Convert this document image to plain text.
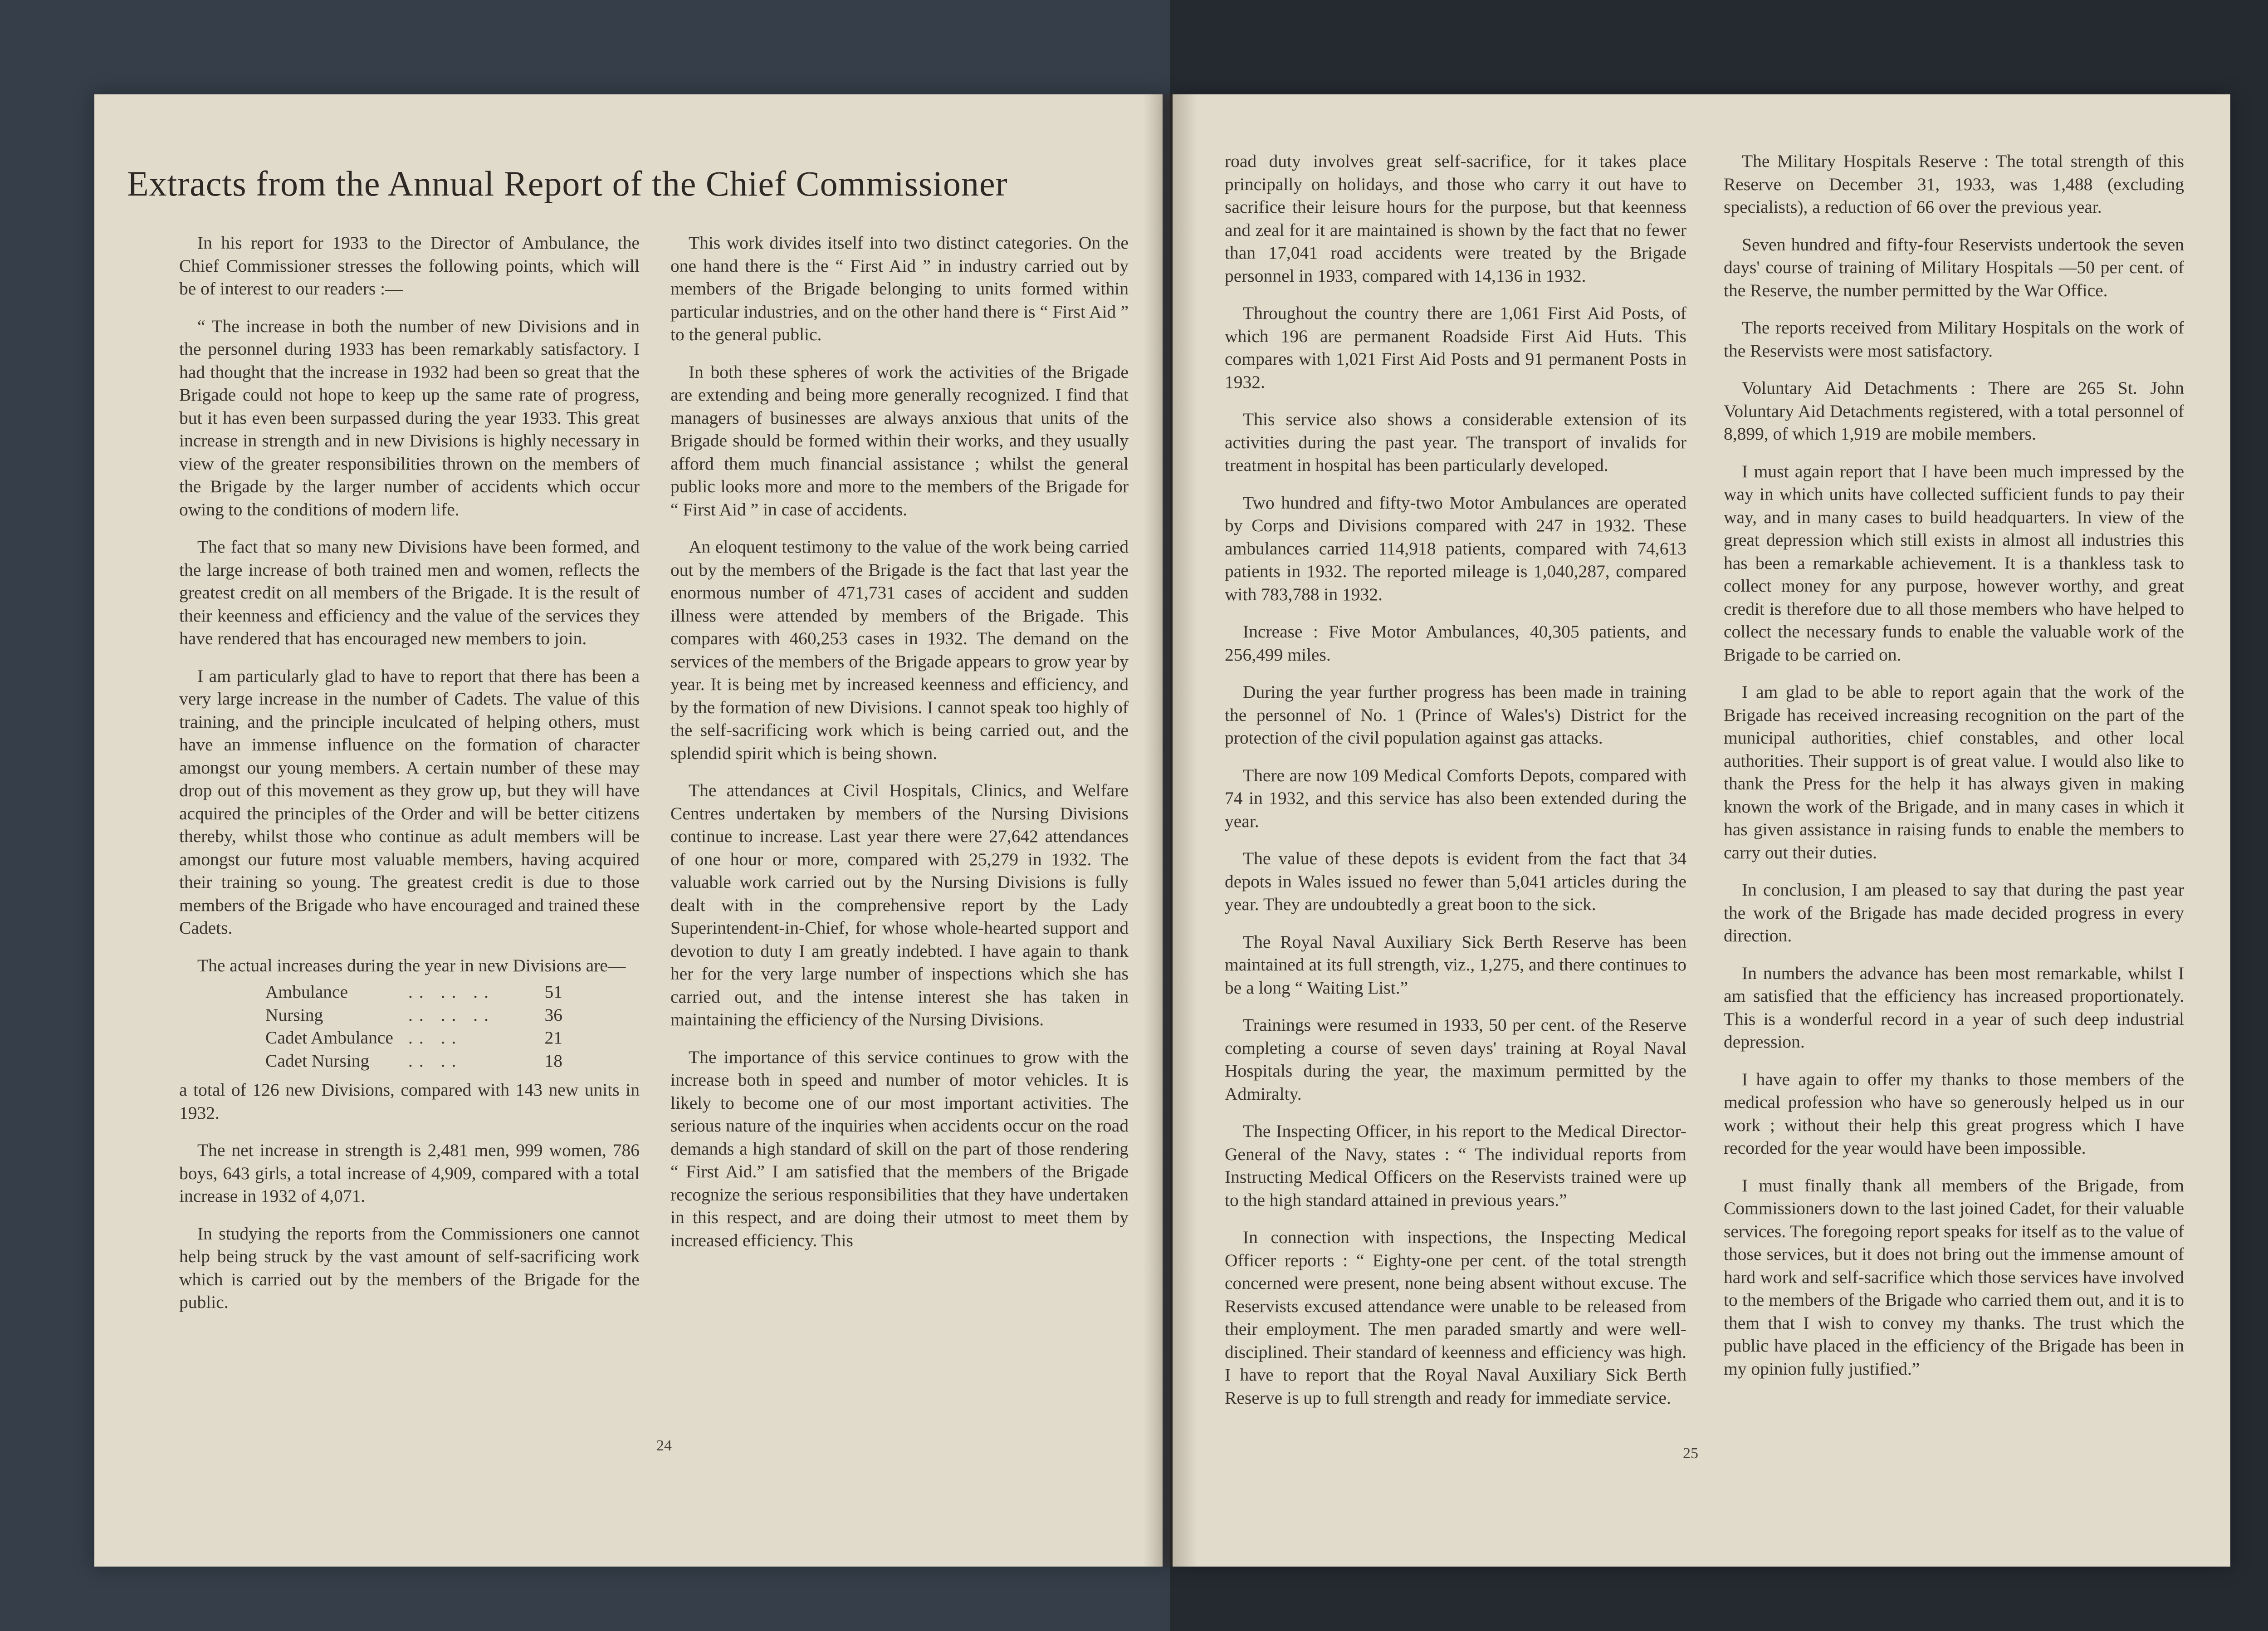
Extracts from the Annual Report of the Chief Commissioner

In his report for 1933 to the Director of Ambulance, the Chief Commissioner stresses the following points, which will be of interest to our readers :—

“ The increase in both the number of new Divisions and in the personnel during 1933 has been remarkably satisfactory. I had thought that the increase in 1932 had been so great that the Brigade could not hope to keep up the same rate of progress, but it has even been surpassed during the year 1933. This great increase in strength and in new Divisions is highly necessary in view of the greater responsibilities thrown on the members of the Brigade by the larger number of accidents which occur owing to the conditions of modern life.

The fact that so many new Divisions have been formed, and the large increase of both trained men and women, reflects the greatest credit on all members of the Brigade. It is the result of their keenness and efficiency and the value of the services they have rendered that has encouraged new members to join.

I am particularly glad to have to report that there has been a very large increase in the number of Cadets. The value of this training, and the principle inculcated of helping others, must have an immense influence on the formation of character amongst our young members. A certain number of these may drop out of this movement as they grow up, but they will have acquired the principles of the Order and will be better citizens thereby, whilst those who continue as adult members will be amongst our future most valuable members, having acquired their training so young. The greatest credit is due to those members of the Brigade who have encouraged and trained these Cadets.

The actual increases during the year in new Divisions are—

Ambulance	.. .. ..	51
Nursing	.. .. ..	36
Cadet Ambulance	.. ..	21
Cadet Nursing	.. ..	18

a total of 126 new Divisions, compared with 143 new units in 1932.

The net increase in strength is 2,481 men, 999 women, 786 boys, 643 girls, a total increase of 4,909, compared with a total increase in 1932 of 4,071.

In studying the reports from the Commissioners one cannot help being struck by the vast amount of self-sacrificing work which is carried out by the members of the Brigade for the public.

This work divides itself into two distinct categories. On the one hand there is the “ First Aid ” in industry carried out by members of the Brigade belonging to units formed within particular industries, and on the other hand there is “ First Aid ” to the general public.

In both these spheres of work the activities of the Brigade are extending and being more generally recognized. I find that managers of businesses are always anxious that units of the Brigade should be formed within their works, and they usually afford them much financial assistance ; whilst the general public looks more and more to the members of the Brigade for “ First Aid ” in case of accidents.

An eloquent testimony to the value of the work being carried out by the members of the Brigade is the fact that last year the enormous number of 471,731 cases of accident and sudden illness were attended by members of the Brigade. This compares with 460,253 cases in 1932. The demand on the services of the members of the Brigade appears to grow year by year. It is being met by increased keenness and efficiency, and by the formation of new Divisions. I cannot speak too highly of the self-sacrificing work which is being carried out, and the splendid spirit which is being shown.

The attendances at Civil Hospitals, Clinics, and Welfare Centres undertaken by members of the Nursing Divisions continue to increase. Last year there were 27,642 attendances of one hour or more, compared with 25,279 in 1932. The valuable work carried out by the Nursing Divisions is fully dealt with in the comprehensive report by the Lady Superintendent-in-Chief, for whose whole-hearted support and devotion to duty I am greatly indebted. I have again to thank her for the very large number of inspections which she has carried out, and the intense interest she has taken in maintaining the efficiency of the Nursing Divisions.

The importance of this service continues to grow with the increase both in speed and number of motor vehicles. It is likely to become one of our most important activities. The serious nature of the inquiries when accidents occur on the road demands a high standard of skill on the part of those rendering “ First Aid.” I am satisfied that the members of the Brigade recognize the serious responsibilities that they have undertaken in this respect, and are doing their utmost to meet them by increased efficiency. This

24

road duty involves great self-sacrifice, for it takes place principally on holidays, and those who carry it out have to sacrifice their leisure hours for the purpose, but that keenness and zeal for it are maintained is shown by the fact that no fewer than 17,041 road accidents were treated by the Brigade personnel in 1933, compared with 14,136 in 1932.

Throughout the country there are 1,061 First Aid Posts, of which 196 are permanent Roadside First Aid Huts. This compares with 1,021 First Aid Posts and 91 permanent Posts in 1932.

This service also shows a considerable extension of its activities during the past year. The transport of invalids for treatment in hospital has been particularly developed.

Two hundred and fifty-two Motor Ambulances are operated by Corps and Divisions compared with 247 in 1932. These ambulances carried 114,918 patients, compared with 74,613 patients in 1932. The reported mileage is 1,040,287, compared with 783,788 in 1932.

Increase : Five Motor Ambulances, 40,305 patients, and 256,499 miles.

During the year further progress has been made in training the personnel of No. 1 (Prince of Wales's) District for the protection of the civil population against gas attacks.

There are now 109 Medical Comforts Depots, compared with 74 in 1932, and this service has also been extended during the year.

The value of these depots is evident from the fact that 34 depots in Wales issued no fewer than 5,041 articles during the year. They are undoubtedly a great boon to the sick.

The Royal Naval Auxiliary Sick Berth Reserve has been maintained at its full strength, viz., 1,275, and there continues to be a long “ Waiting List.”

Trainings were resumed in 1933, 50 per cent. of the Reserve completing a course of seven days' training at Royal Naval Hospitals during the year, the maximum permitted by the Admiralty.

The Inspecting Officer, in his report to the Medical Director-General of the Navy, states : “ The individual reports from Instructing Medical Officers on the Reservists trained were up to the high standard attained in previous years.”

In connection with inspections, the Inspecting Medical Officer reports : “ Eighty-one per cent. of the total strength concerned were present, none being absent without excuse. The Reservists excused attendance were unable to be released from their employment. The men paraded smartly and were well-disciplined. Their standard of keenness and efficiency was high. I have to report that the Royal Naval Auxiliary Sick Berth Reserve is up to full strength and ready for immediate service.

The Military Hospitals Reserve : The total strength of this Reserve on December 31, 1933, was 1,488 (excluding specialists), a reduction of 66 over the previous year.

Seven hundred and fifty-four Reservists undertook the seven days' course of training of Military Hospitals —50 per cent. of the Reserve, the number permitted by the War Office.

The reports received from Military Hospitals on the work of the Reservists were most satisfactory.

Voluntary Aid Detachments : There are 265 St. John Voluntary Aid Detachments registered, with a total personnel of 8,899, of which 1,919 are mobile members.

I must again report that I have been much impressed by the way in which units have collected sufficient funds to pay their way, and in many cases to build headquarters. In view of the great depression which still exists in almost all industries this has been a remarkable achievement. It is a thankless task to collect money for any purpose, however worthy, and great credit is therefore due to all those members who have helped to collect the necessary funds to enable the valuable work of the Brigade to be carried on.

I am glad to be able to report again that the work of the Brigade has received increasing recognition on the part of the municipal authorities, chief constables, and other local authorities. Their support is of great value. I would also like to thank the Press for the help it has always given in making known the work of the Brigade, and in many cases in which it has given assistance in raising funds to enable the members to carry out their duties.

In conclusion, I am pleased to say that during the past year the work of the Brigade has made decided progress in every direction.

In numbers the advance has been most remarkable, whilst I am satisfied that the efficiency has increased proportionately. This is a wonderful record in a year of such deep industrial depression.

I have again to offer my thanks to those members of the medical profession who have so generously helped us in our work ; without their help this great progress which I have recorded for the year would have been impossible.

I must finally thank all members of the Brigade, from Commissioners down to the last joined Cadet, for their valuable services. The foregoing report speaks for itself as to the value of those services, but it does not bring out the immense amount of hard work and self-sacrifice which those services have involved to the members of the Brigade who carried them out, and it is to them that I wish to convey my thanks. The trust which the public have placed in the efficiency of the Brigade has been in my opinion fully justified.”

25
